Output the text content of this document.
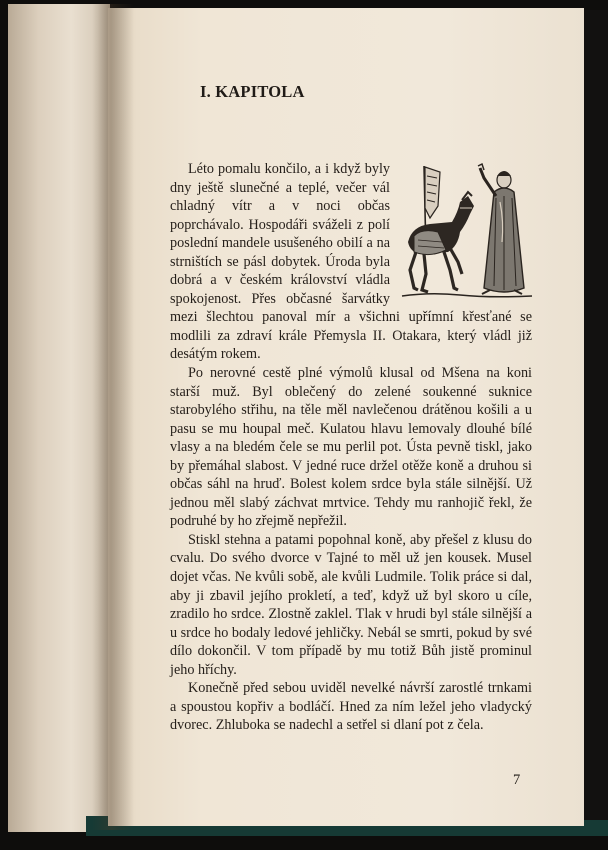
I. KAPITOLA

Léto pomalu končilo, a i když byly dny ještě slunečné a teplé, večer vál chladný vítr a v noci občas poprchávalo. Hospodáři sváželi z polí poslední mandele usušeného obilí a na strništích se pásl dobytek. Úroda byla dobrá a v českém království vládla spokojenost. Přes občasné šarvátky mezi šlechtou panoval mír a všichni upřímní křesťané se modlili za zdraví krále Přemysla II. Otakara, který vládl již desátým rokem.

Po nerovné cestě plné výmolů klusal od Mšena na koni starší muž. Byl oblečený do zelené soukenné suknice starobylého střihu, na těle měl navlečenou drátěnou košili a u pasu se mu houpal meč. Kulatou hlavu lemovaly dlouhé bílé vlasy a na bledém čele se mu perlil pot. Ústa pevně tiskl, jako by přemáhal slabost. V jedné ruce držel otěže koně a druhou si občas sáhl na hruď. Bolest kolem srdce byla stále silnější. Už jednou měl slabý záchvat mrtvice. Tehdy mu ranhojič řekl, že podruhé by ho zřejmě nepřežil.

Stiskl stehna a patami popohnal koně, aby přešel z klusu do cvalu. Do svého dvorce v Tajné to měl už jen kousek. Musel dojet včas. Ne kvůli sobě, ale kvůli Ludmile. Tolik práce si dal, aby ji zbavil jejího prokletí, a teď, když už byl skoro u cíle, zradilo ho srdce. Zlostně zaklel. Tlak v hrudi byl stále silnější a u srdce ho bodaly ledové jehličky. Nebál se smrti, pokud by své dílo dokončil. V tom případě by mu totiž Bůh jistě prominul jeho hříchy.

Konečně před sebou uviděl nevelké návrší zarostlé trnkami a spoustou kopřiv a bodláčí. Hned za ním ležel jeho vladycký dvorec. Zhluboka se nadechl a setřel si dlaní pot z čela.

7
